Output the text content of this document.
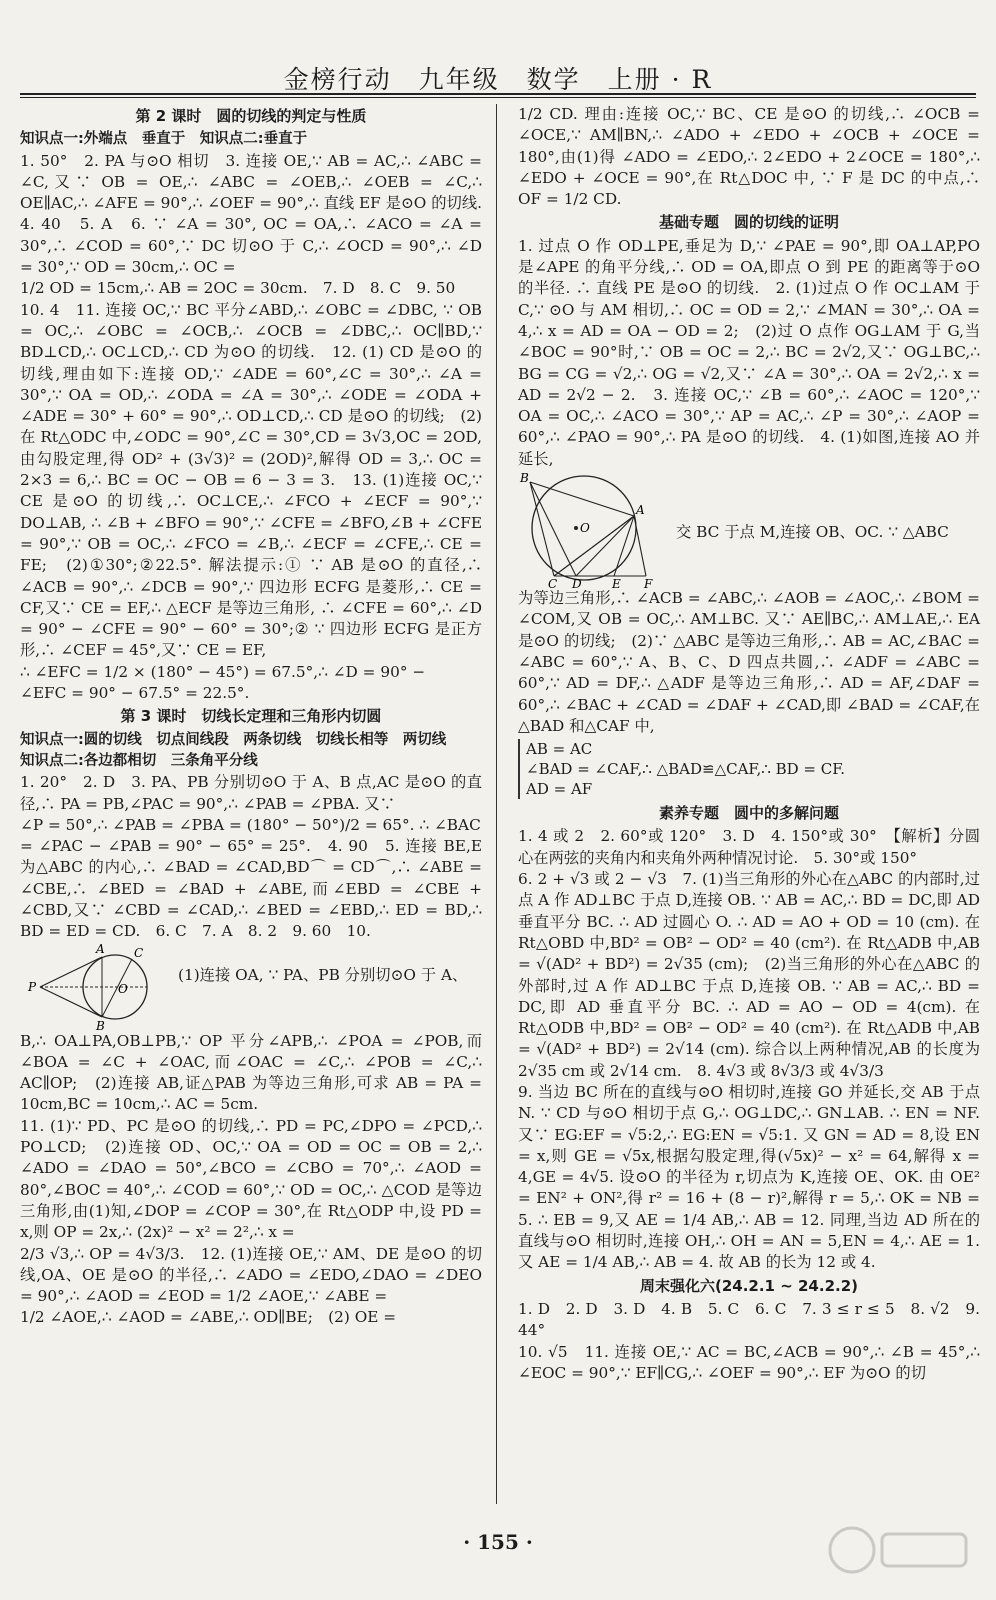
金榜行动　九年级　数学　上册 · R
第 2 课时　圆的切线的判定与性质
知识点一:外端点　垂直于　知识点二:垂直于

1. 50°　2. PA 与⊙O 相切　3. 连接 OE,∵ AB = AC,∴ ∠ABC = ∠C,又∵ OB = OE,∴ ∠ABC = ∠OEB,∴ ∠OEB = ∠C,∴ OE∥AC,∴ ∠AFE = 90°,∴ ∠OEF = 90°,∴ 直线 EF 是⊙O 的切线.　4. 40　5. A　6. ∵ ∠A = 30°, OC = OA,∴ ∠ACO = ∠A = 30°,∴ ∠COD = 60°,∵ DC 切⊙O 于 C,∴ ∠OCD = 90°,∴ ∠D = 30°,∵ OD = 30cm,∴ OC =

1/2 OD = 15cm,∴ AB = 2OC = 30cm.　7. D　8. C　9. 50

10. 4　11. 连接 OC,∵ BC 平分∠ABD,∴ ∠OBC = ∠DBC, ∵ OB = OC,∴ ∠OBC = ∠OCB,∴ ∠OCB = ∠DBC,∴ OC∥BD,∵ BD⊥CD,∴ OC⊥CD,∴ CD 为⊙O 的切线.　12. (1) CD 是⊙O 的切线,理由如下:连接 OD,∵ ∠ADE = 60°,∠C = 30°,∴ ∠A = 30°,∵ OA = OD,∴ ∠ODA = ∠A = 30°,∴ ∠ODE = ∠ODA + ∠ADE = 30° + 60° = 90°,∴ OD⊥CD,∴ CD 是⊙O 的切线;　(2)在 Rt△ODC 中,∠ODC = 90°,∠C = 30°,CD = 3√3,OC = 2OD,由勾股定理,得 OD² + (3√3)² = (2OD)²,解得 OD = 3,∴ OC = 2×3 = 6,∴ BC = OC − OB = 6 − 3 = 3.　13. (1)连接 OC,∵ CE 是⊙O 的切线,∴ OC⊥CE,∴ ∠FCO + ∠ECF = 90°,∵ DO⊥AB, ∴ ∠B + ∠BFO = 90°,∵ ∠CFE = ∠BFO,∠B + ∠CFE = 90°,∵ OB = OC,∴ ∠FCO = ∠B,∴ ∠ECF = ∠CFE,∴ CE = FE;　(2)①30°;②22.5°. 解法提示:① ∵ AB 是⊙O 的直径,∴ ∠ACB = 90°,∴ ∠DCB = 90°,∵ 四边形 ECFG 是菱形,∴ CE = CF,又∵ CE = EF,∴ △ECF 是等边三角形, ∴ ∠CFE = 60°,∴ ∠D = 90° − ∠CFE = 90° − 60° = 30°;② ∵ 四边形 ECFG 是正方形,∴ ∠CEF = 45°,又∵ CE = EF,

∴ ∠EFC = 1/2 × (180° − 45°) = 67.5°,∴ ∠D = 90° −

∠EFC = 90° − 67.5° = 22.5°.

第 3 课时　切线长定理和三角形内切圆
知识点一:圆的切线　切点间线段　两条切线　切线长相等　两切线
知识点二:各边都相切　三条角平分线

1. 20°　2. D　3. PA、PB 分别切⊙O 于 A、B 点,AC 是⊙O 的直径,∴ PA = PB,∠PAC = 90°,∴ ∠PAB = ∠PBA. 又∵

∠P = 50°,∴ ∠PAB = ∠PBA = (180° − 50°)/2 = 65°. ∴ ∠BAC

= ∠PAC − ∠PAB = 90° − 65° = 25°.　4. 90　5. 连接 BE,E 为△ABC 的内心,∴ ∠BAD = ∠CAD,BD⌒ = CD⌒,∴ ∠ABE = ∠CBE,∴ ∠BED = ∠BAD + ∠ABE,而∠EBD = ∠CBE + ∠CBD,又∵ ∠CBD = ∠CAD,∴ ∠BED = ∠EBD,∴ ED = BD,∴ BD = ED = CD.　6. C　7. A　8. 2　9. 60　10.

P
A
B
C
O

(1)连接 OA, ∵ PA、PB 分别切⊙O 于 A、

B,∴ OA⊥PA,OB⊥PB,∵ OP 平分∠APB,∴ ∠POA = ∠POB,而∠BOA = ∠C + ∠OAC,而∠OAC = ∠C,∴ ∠POB = ∠C,∴ AC∥OP;　(2)连接 AB,证△PAB 为等边三角形,可求 AB = PA = 10cm,BC = 10cm,∴ AC = 5cm.

11. (1)∵ PD、PC 是⊙O 的切线,∴ PD = PC,∠DPO = ∠PCD,∴ PO⊥CD;　(2)连接 OD、OC,∵ OA = OD = OC = OB = 2,∴ ∠ADO = ∠DAO = 50°,∠BCO = ∠CBO = 70°,∴ ∠AOD = 80°,∠BOC = 40°,∴ ∠COD = 60°,∵ OD = OC,∴ △COD 是等边三角形,由(1)知,∠DOP = ∠COP = 30°,在 Rt△ODP 中,设 PD = x,则 OP = 2x,∴ (2x)² − x² = 2²,∴ x =

2/3 √3,∴ OP = 4√3/3.　12. (1)连接 OE,∵ AM、DE 是⊙O 的切线,OA、OE 是⊙O 的半径,∴ ∠ADO = ∠EDO,∠DAO = ∠DEO = 90°,∴ ∠AOD = ∠EOD = 1/2 ∠AOE,∵ ∠ABE =

1/2 ∠AOE,∴ ∠AOD = ∠ABE,∴ OD∥BE;　(2) OE =

1/2 CD. 理由:连接 OC,∵ BC、CE 是⊙O 的切线,∴ ∠OCB = ∠OCE,∵ AM∥BN,∴ ∠ADO + ∠EDO + ∠OCB + ∠OCE = 180°,由(1)得 ∠ADO = ∠EDO,∴ 2∠EDO + 2∠OCE = 180°,∴ ∠EDO + ∠OCE = 90°,在 Rt△DOC 中, ∵ F 是 DC 的中点,∴ OF = 1/2 CD.

基础专题　圆的切线的证明

1. 过点 O 作 OD⊥PE,垂足为 D,∵ ∠PAE = 90°,即 OA⊥AP,PO 是∠APE 的角平分线,∴ OD = OA,即点 O 到 PE 的距离等于⊙O 的半径. ∴ 直线 PE 是⊙O 的切线.　2. (1)过点 O 作 OC⊥AM 于 C,∵ ⊙O 与 AM 相切,∴ OC = OD = 2,∵ ∠MAN = 30°,∴ OA = 4,∴ x = AD = OA − OD = 2;　(2)过 O 点作 OG⊥AM 于 G,当∠BOC = 90°时,∵ OB = OC = 2,∴ BC = 2√2,又∵ OG⊥BC,∴ BG = CG = √2,∴ OG = √2,又∵ ∠A = 30°,∴ OA = 2√2,∴ x = AD = 2√2 − 2.　3. 连接 OC,∵ ∠B = 60°,∴ ∠AOC = 120°,∵ OA = OC,∴ ∠ACO = 30°,∵ AP = AC,∴ ∠P = 30°,∴ ∠AOP = 60°,∴ ∠PAO = 90°,∴ PA 是⊙O 的切线.　4. (1)如图,连接 AO 并延长,

B
A
O
C D	E F

交 BC 于点 M,连接 OB、OC. ∵ △ABC

为等边三角形,∴ ∠ACB = ∠ABC,∴ ∠AOB = ∠AOC,∴ ∠BOM = ∠COM,又 OB = OC,∴ AM⊥BC. 又∵ AE∥BC,∴ AM⊥AE,∴ EA 是⊙O 的切线;　(2)∵ △ABC 是等边三角形,∴ AB = AC,∠BAC = ∠ABC = 60°,∵ A、B、C、D 四点共圆,∴ ∠ADF = ∠ABC = 60°,∵ AD = DF,∴ △ADF 是等边三角形,∴ AD = AF,∠DAF = 60°,∴ ∠BAC + ∠CAD = ∠DAF + ∠CAD,即 ∠BAD = ∠CAF,在△BAD 和△CAF 中,

AB = AC
∠BAD = ∠CAF,∴ △BAD≌△CAF,∴ BD = CF.
AD = AF
素养专题　圆中的多解问题

1. 4 或 2　2. 60°或 120°　3. D　4. 150°或 30°　【解析】分圆心在两弦的夹角内和夹角外两种情况讨论.　5. 30°或 150°

6. 2 + √3 或 2 − √3　7. (1)当三角形的外心在△ABC 的内部时,过点 A 作 AD⊥BC 于点 D,连接 OB. ∵ AB = AC,∴ BD = DC,即 AD 垂直平分 BC. ∴ AD 过圆心 O. ∴ AD = AO + OD = 10 (cm). 在 Rt△OBD 中,BD² = OB² − OD² = 40 (cm²). 在 Rt△ADB 中,AB = √(AD² + BD²) = 2√35 (cm);　(2)当三角形的外心在△ABC 的外部时,过 A 作 AD⊥BC 于点 D,连接 OB. ∵ AB = AC,∴ BD = DC,即 AD 垂直平分 BC. ∴ AD = AO − OD = 4(cm). 在 Rt△ODB 中,BD² = OB² − OD² = 40 (cm²). 在 Rt△ADB 中,AB = √(AD² + BD²) = 2√14 (cm). 综合以上两种情况,AB 的长度为 2√35 cm 或 2√14 cm.　8. 4√3 或 8√3/3 或 4√3/3

9. 当边 BC 所在的直线与⊙O 相切时,连接 GO 并延长,交 AB 于点 N. ∵ CD 与⊙O 相切于点 G,∴ OG⊥DC,∴ GN⊥AB. ∴ EN = NF. 又∵ EG:EF = √5:2,∴ EG:EN = √5:1. 又 GN = AD = 8,设 EN = x,则 GE = √5x,根据勾股定理,得(√5x)² − x² = 64,解得 x = 4,GE = 4√5. 设⊙O 的半径为 r,切点为 K,连接 OE、OK. 由 OE² = EN² + ON²,得 r² = 16 + (8 − r)²,解得 r = 5,∴ OK = NB = 5. ∴ EB = 9,又 AE = 1/4 AB,∴ AB = 12. 同理,当边 AD 所在的直线与⊙O 相切时,连接 OH,∴ OH = AN = 5,EN = 4,∴ AE = 1. 又 AE = 1/4 AB,∴ AB = 4. 故 AB 的长为 12 或 4.

周末强化六(24.2.1 ~ 24.2.2)

1. D　2. D　3. D　4. B　5. C　6. C　7. 3 ≤ r ≤ 5　8. √2　9. 44°

10. √5　11. 连接 OE,∵ AC = BC,∠ACB = 90°,∴ ∠B = 45°,∴ ∠EOC = 90°,∵ EF∥CG,∴ ∠OEF = 90°,∴ EF 为⊙O 的切

· 155 ·
